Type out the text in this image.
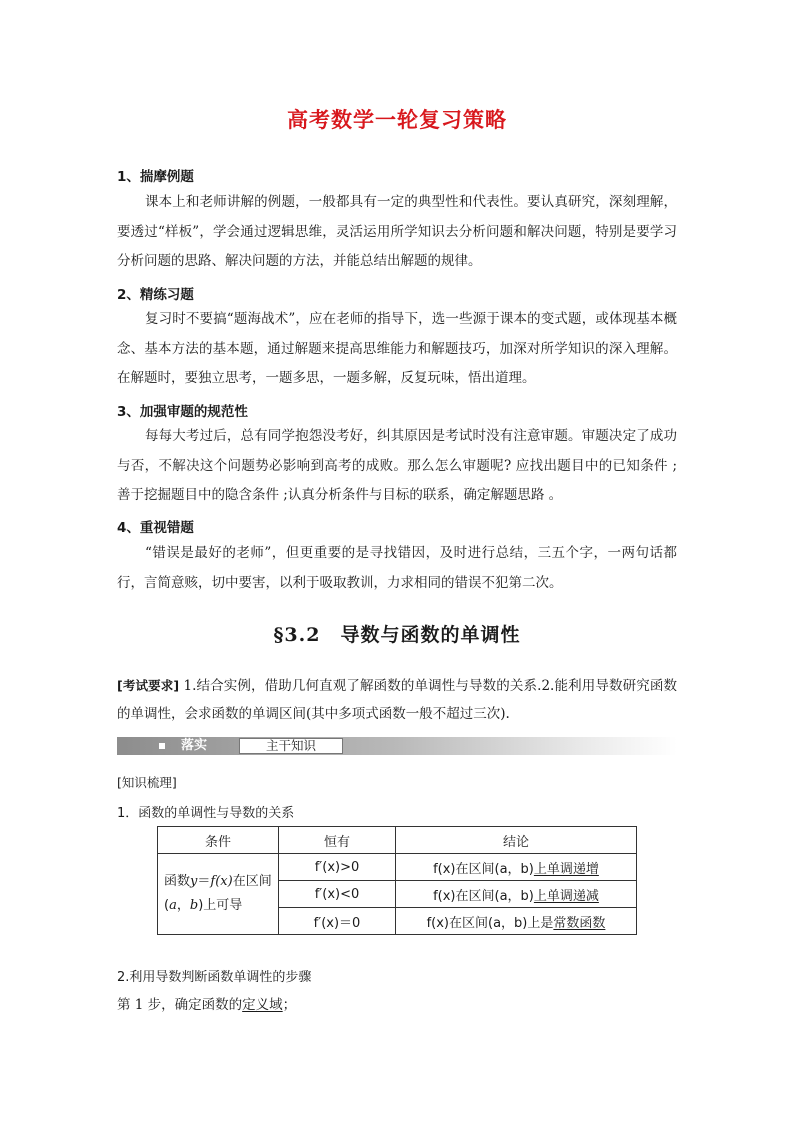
高考数学一轮复习策略

1、揣摩例题

课本上和老师讲解的例题，一般都具有一定的典型性和代表性。要认真研究，深刻理解，要透过“样板”，学会通过逻辑思维，灵活运用所学知识去分析问题和解决问题，特别是要学习分析问题的思路、解决问题的方法，并能总结出解题的规律。

2、精练习题

复习时不要搞“题海战术”，应在老师的指导下，选一些源于课本的变式题，或体现基本概念、基本方法的基本题，通过解题来提高思维能力和解题技巧，加深对所学知识的深入理解。在解题时，要独立思考，一题多思，一题多解，反复玩味，悟出道理。

3、加强审题的规范性

每每大考过后，总有同学抱怨没考好，纠其原因是考试时没有注意审题。审题决定了成功与否，不解决这个问题势必影响到高考的成败。那么怎么审题呢? 应找出题目中的已知条件 ;善于挖掘题目中的隐含条件 ;认真分析条件与目标的联系，确定解题思路 。

4、重视错题

“错误是最好的老师”，但更重要的是寻找错因，及时进行总结，三五个字，一两句话都行，言简意赅，切中要害，以利于吸取教训，力求相同的错误不犯第二次。

§3.2　导数与函数的单调性

[考试要求] 1.结合实例，借助几何直观了解函数的单调性与导数的关系.2.能利用导数研究函数的单调性，会求函数的单调区间(其中多项式函数一般不超过三次).

落实	主干知识

[知识梳理]

1．函数的单调性与导数的关系

条件	恒有	结论
函数y＝f(x)在区间(a，b)上可导	f′(x)>0	f(x)在区间(a，b)上单调递增
	f′(x)<0	f(x)在区间(a，b)上单调递减
	f′(x)＝0	f(x)在区间(a，b)上是常数函数

2.利用导数判断函数单调性的步骤

第 1 步，确定函数的定义域；
